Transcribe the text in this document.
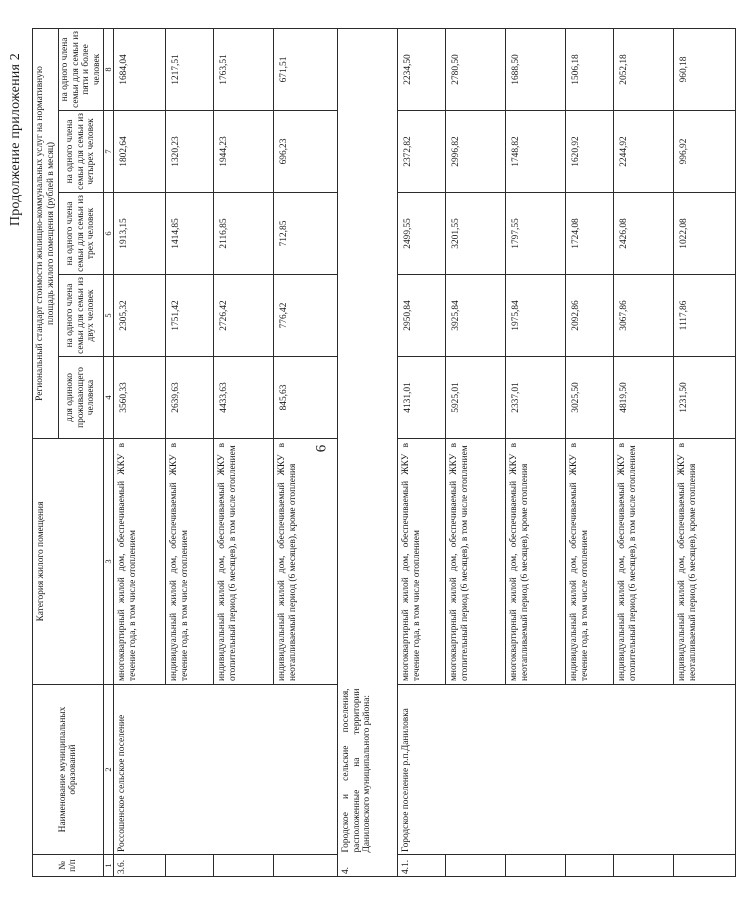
6
Продолжение приложения 2
№ п/п	Наименование муниципальных образований	Категория жилого помещения	Региональный стандарт стоимости жилищно-коммунальных услуг на нормативную площадь жилого помещения (рублей в месяц)				
			для одиноко проживающего человека	на одного члена семьи для семьи из двух человек	на одного члена семьи для семьи из трех человек	на одного члена семьи для семьи из четырех человек	на одного члена семьи для семьи из пяти и более человек
1	2	3	4	5	6	7	8
3.6.	Россошенское сельское поселение	многоквартирный жилой дом, обеспечиваемый ЖКУ в течение года, в том числе отоплением	3560,33	2305,32	1913,15	1802,64	1684,04
		индивидуальный жилой дом, обеспечиваемый ЖКУ в течение года, в том числе отоплением	2639,63	1751,42	1414,85	1320,23	1217,51
		индивидуальный жилой дом, обеспечиваемый ЖКУ в отопительный период (6 месяцев), в том числе отоплением	4433,63	2726,42	2116,85	1944,23	1763,51
		индивидуальный жилой дом, обеспечиваемый ЖКУ в неотапливаемый период (6 месяцев), кроме отопления	845,63	776,42	712,85	696,23	671,51
4.	Городское и сельские поселения, расположенные на территории Даниловского муниципального района:						

4.1.	Городское поселение р.п.Даниловка	многоквартирный жилой дом, обеспечиваемый ЖКУ в течение года, в том числе отоплением	4131,01	2950,84	2499,55	2372,82	2234,50
		многоквартирный жилой дом, обеспечиваемый ЖКУ в отопительный период (6 месяцев), в том числе отоплением	5925,01	3925,84	3201,55	2996,82	2780,50
		многоквартирный жилой дом, обеспечиваемый ЖКУ в неотапливаемый период (6 месяцев), кроме отопления	2337,01	1975,84	1797,55	1748,82	1688,50
		индивидуальный жилой дом, обеспечиваемый ЖКУ в течение года, в том числе отоплением	3025,50	2092,86	1724,08	1620,92	1506,18
		индивидуальный жилой дом, обеспечиваемый ЖКУ в отопительный период (6 месяцев), в том числе отоплением	4819,50	3067,86	2426,08	2244,92	2052,18
		индивидуальный жилой дом, обеспечиваемый ЖКУ в неотапливаемый период (6 месяцев), кроме отопления	1231,50	1117,86	1022,08	996,92	960,18
